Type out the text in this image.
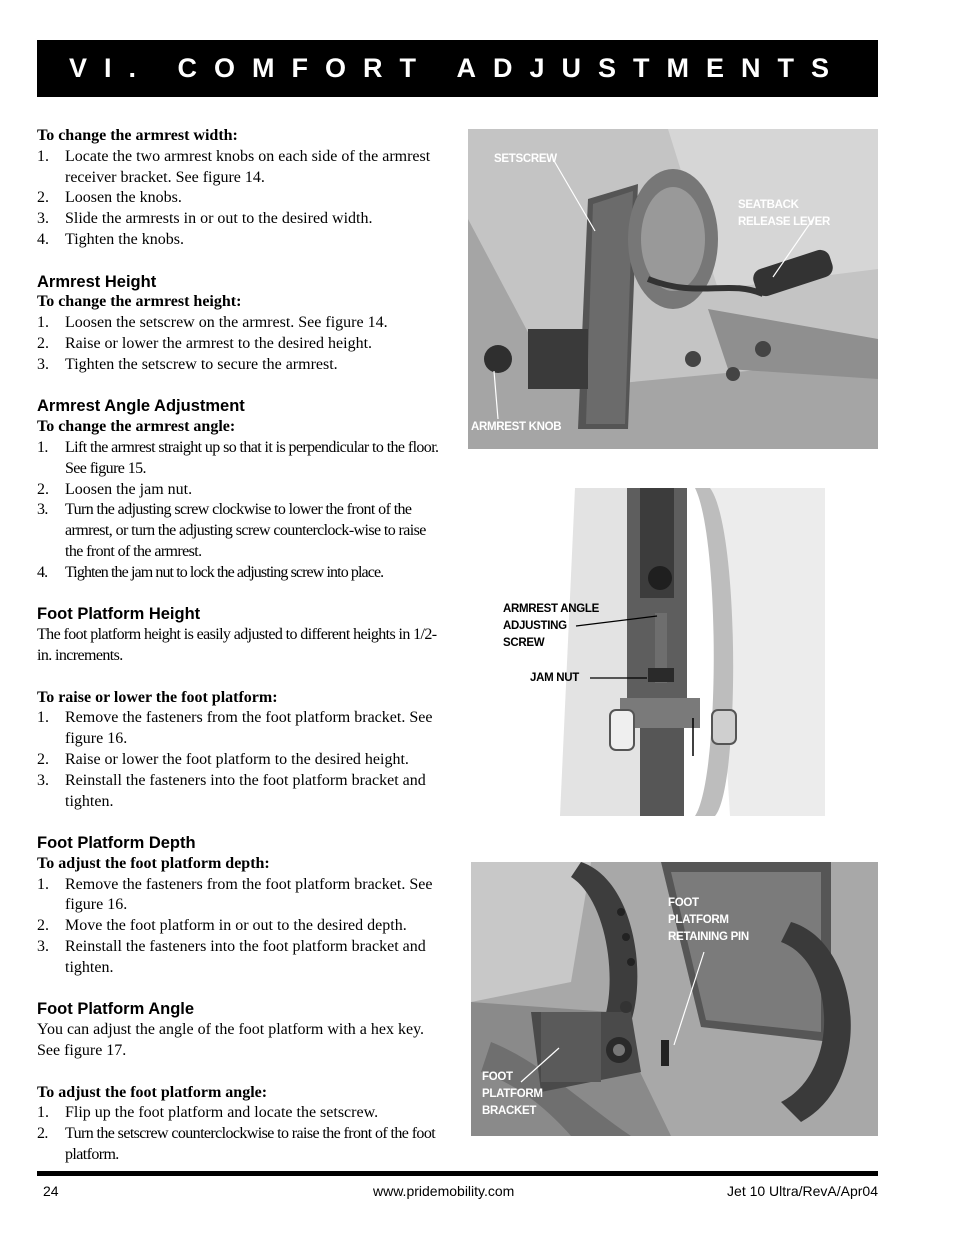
VI. COMFORT ADJUSTMENTS
To change the armrest width:
1. Locate the two armrest knobs on each side of the armrest receiver bracket. See figure 14.
2. Loosen the knobs.
3. Slide the armrests in or out to the desired width.
4. Tighten the knobs.
Armrest Height
To change the armrest height:
1. Loosen the setscrew on the armrest. See figure 14.
2. Raise or lower the armrest to the desired height.
3. Tighten the setscrew to secure the armrest.
Armrest Angle Adjustment
To change the armrest angle:
1. Lift the armrest straight up so that it is perpendicular to the floor. See figure 15.
2. Loosen the jam nut.
3. Turn the adjusting screw clockwise to lower the front of the armrest, or turn the adjusting screw counterclock-wise to raise the front of the armrest.
4. Tighten the jam nut to lock the adjusting screw into place.
Foot Platform Height
The foot platform height is easily adjusted to different heights in 1/2-in. increments.
To raise or lower the foot platform:
1. Remove the fasteners from the foot platform bracket. See figure 16.
2. Raise or lower the foot platform to the desired height.
3. Reinstall the fasteners into the foot platform bracket and tighten.
Foot Platform Depth
To adjust the foot platform depth:
1. Remove the fasteners from the foot platform bracket. See figure 16.
2. Move the foot platform in or out to the desired depth.
3. Reinstall the fasteners into the foot platform bracket and tighten.
Foot Platform Angle
You can adjust the angle of the foot platform with a hex key. See figure 17.
To adjust the foot platform angle:
1. Flip up the foot platform and locate the setscrew.
2. Turn the setscrew counterclockwise to raise the front of the foot platform.
SETSCREW
SEATBACK
RELEASE LEVER
ARMREST KNOB
ARMREST ANGLE
ADJUSTING
SCREW
JAM NUT
FOOT
PLATFORM
RETAINING PIN
FOOT
PLATFORM
BRACKET
24	www.pridemobility.com	Jet 10 Ultra/RevA/Apr04
